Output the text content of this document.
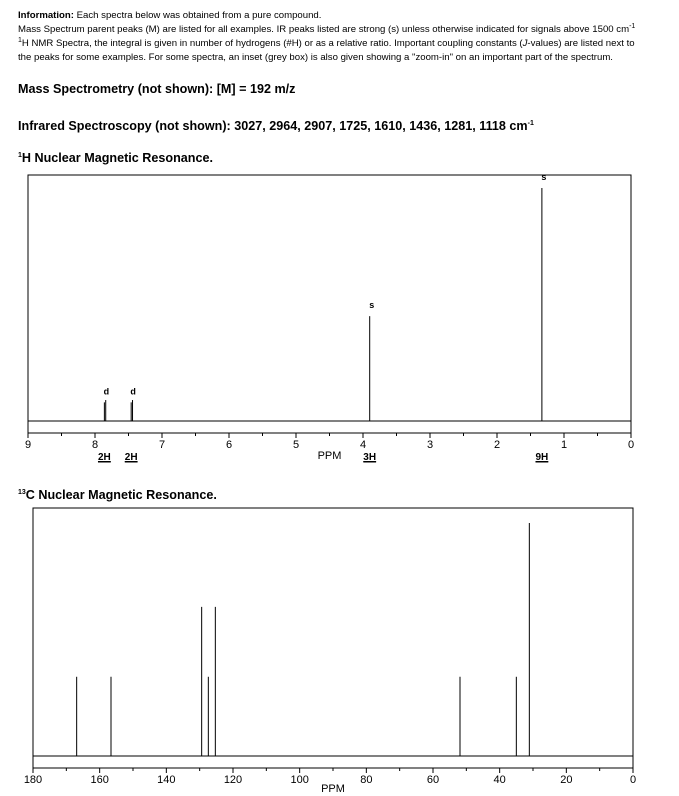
Information: Each spectra below was obtained from a pure compound.
Mass Spectrum parent peaks (M) are listed for all examples. IR peaks listed are strong (s) unless otherwise indicated for signals above 1500 $cm^{-1}$
$^1$H NMR Spectra, the integral is given in number of hydrogens (#H) or as a relative ratio. Important coupling constants (J-values) are listed next to
the peaks for some examples. For some spectra, an inset (grey box) is also given showing a "zoom-in" on an important part of the spectrum.
Mass Spectrometry (not shown): [M] = 192 m/z
Infrared Spectroscopy (not shown): 3027, 2964, 2907, 1725, 1610, 1436, 1281, 1118 $cm^{-1}$
$^1$H Nuclear Magnetic Resonance.
$^{13}$C Nuclear Magnetic Resonance.
9	8	7	6	5	4	3	2	1	0
PPM
d
2H
d
2H
s
3H
s
9H
180	160	140	120	100	80	60	40	20	0
PPM
